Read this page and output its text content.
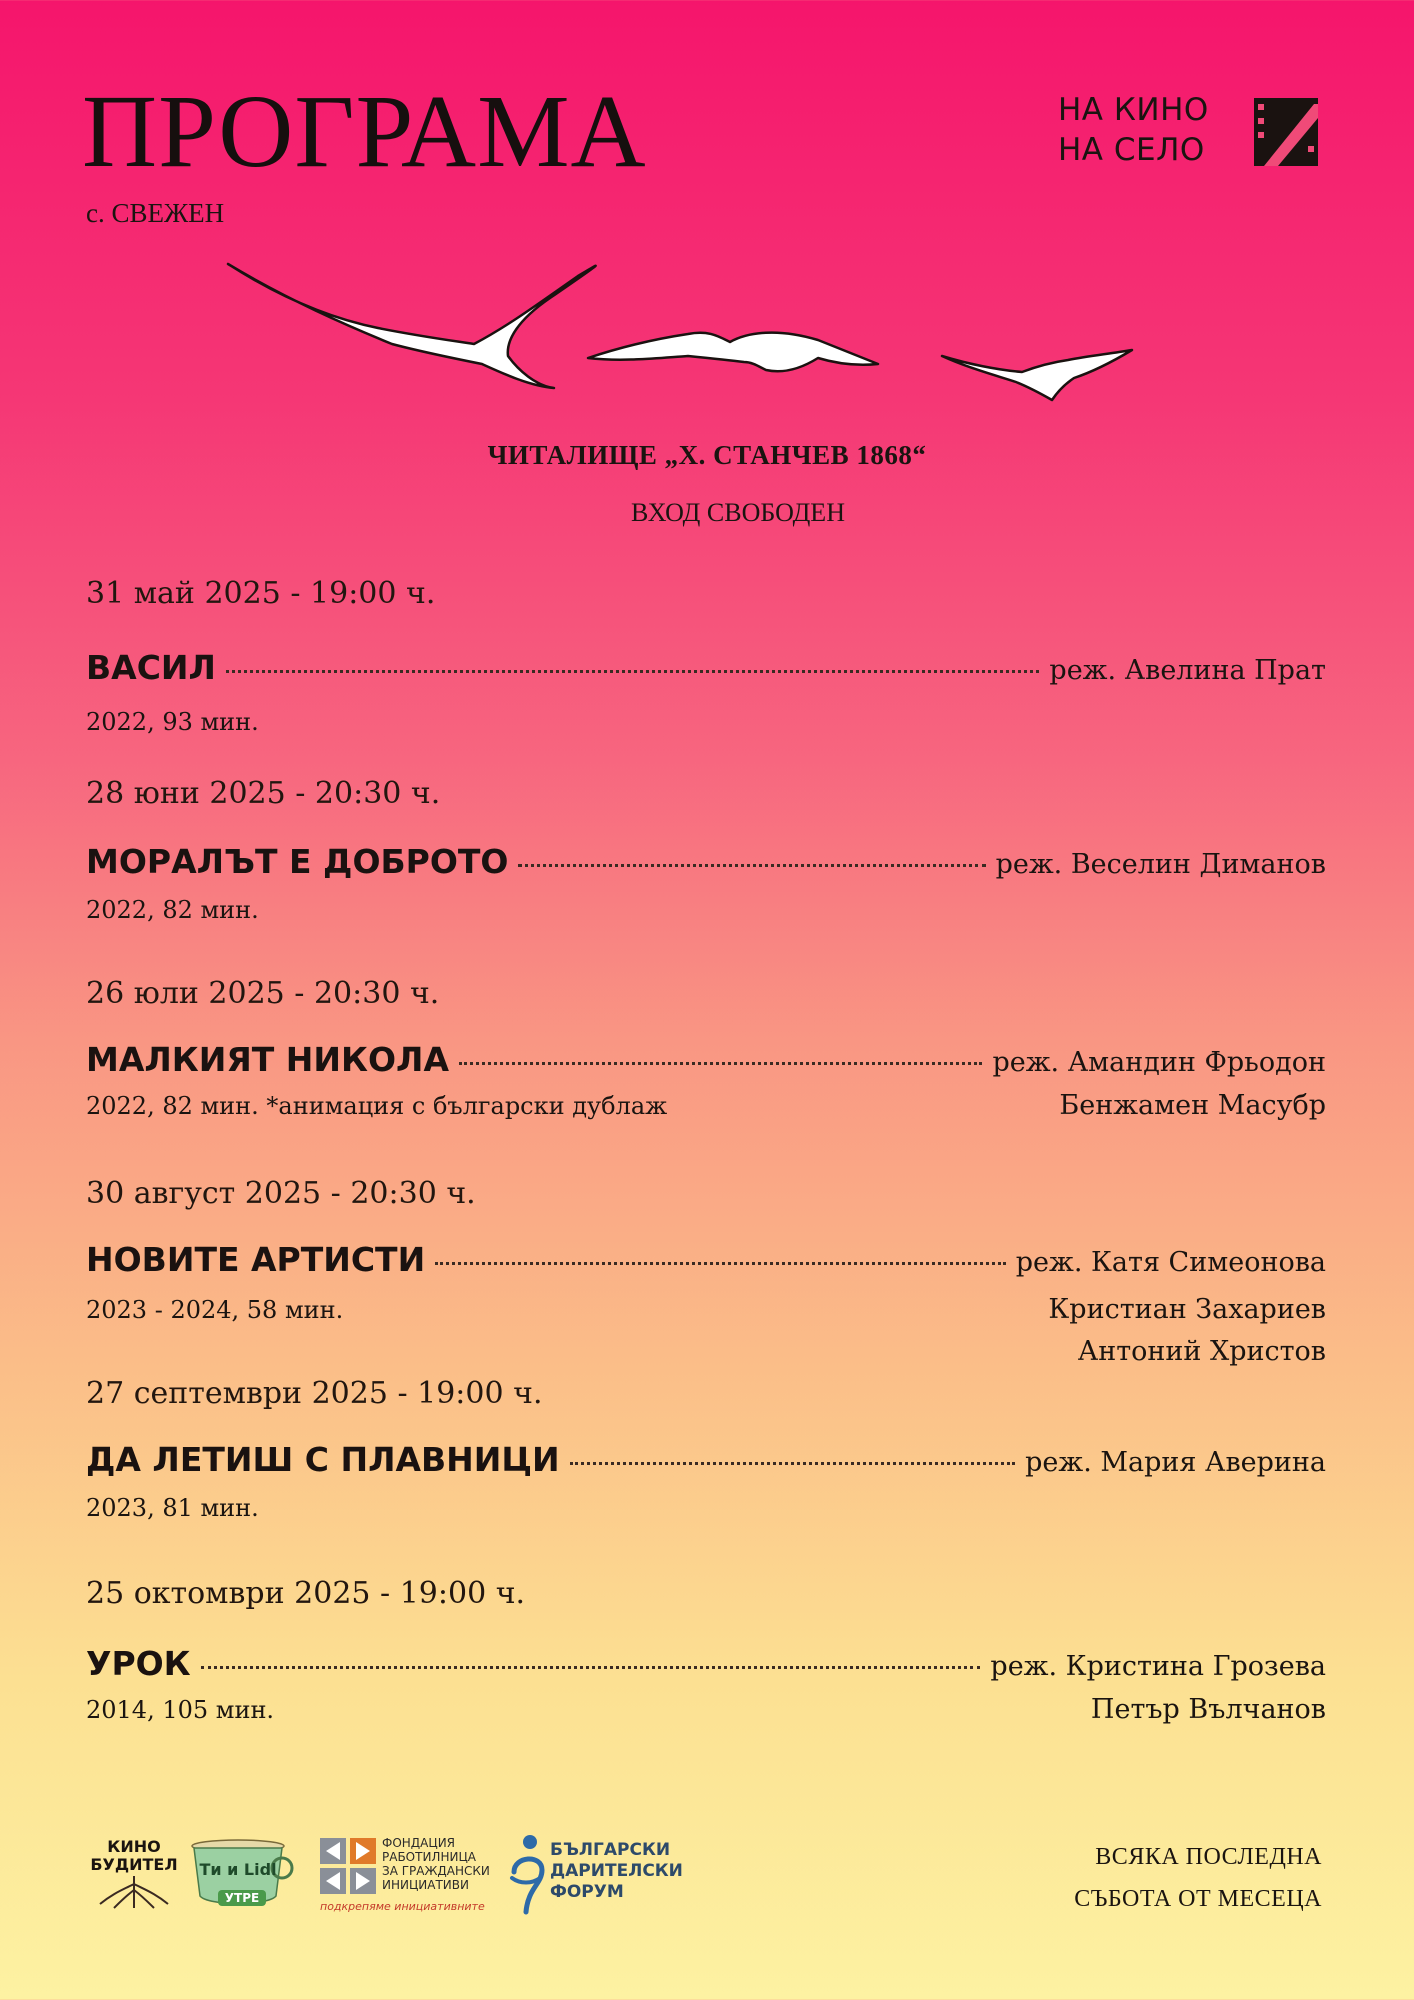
ПРОГРАМА
с. СВЕЖЕН
НА КИНО
НА СЕЛО
ЧИТАЛИЩЕ „Х. СТАНЧЕВ 1868“
ВХОД СВОБОДЕН
31 май 2025 - 19:00 ч.
ВАСИЛ	реж. Авелина Прат
2022, 93 мин.
28 юни 2025 - 20:30 ч.
МОРАЛЪТ Е ДОБРОТО	реж. Веселин Диманов
2022, 82 мин.
26 юли 2025 - 20:30 ч.
МАЛКИЯТ НИКОЛА	реж. Амандин Фрьодон
2022, 82 мин. *анимация с български дублаж	Бенжамен Масубр
30 август 2025 - 20:30 ч.
НОВИТЕ АРТИСТИ	реж. Катя Симеонова
2023 - 2024, 58 мин.	Кристиан Захариев
Антоний Христов
27 септември 2025 - 19:00 ч.
ДА ЛЕТИШ С ПЛАВНИЦИ	реж. Мария Аверина
2023, 81 мин.
25 октомври 2025 - 19:00 ч.
УРОК	реж. Кристина Грозева
2014, 105 мин.	Петър Вълчанов
КИНО
БУДИТЕЛ Ти и Lidl
УТРЕ
ФОНДАЦИЯ
РАБОТИЛНИЦА
ЗА ГРАЖДАНСКИ
ИНИЦИАТИВИ
подкрепяме инициативните
БЪЛГАРСКИ
ДАРИТЕЛСКИ
ФОРУМ
ВСЯКА ПОСЛЕДНА
СЪБОТА ОТ МЕСЕЦА
